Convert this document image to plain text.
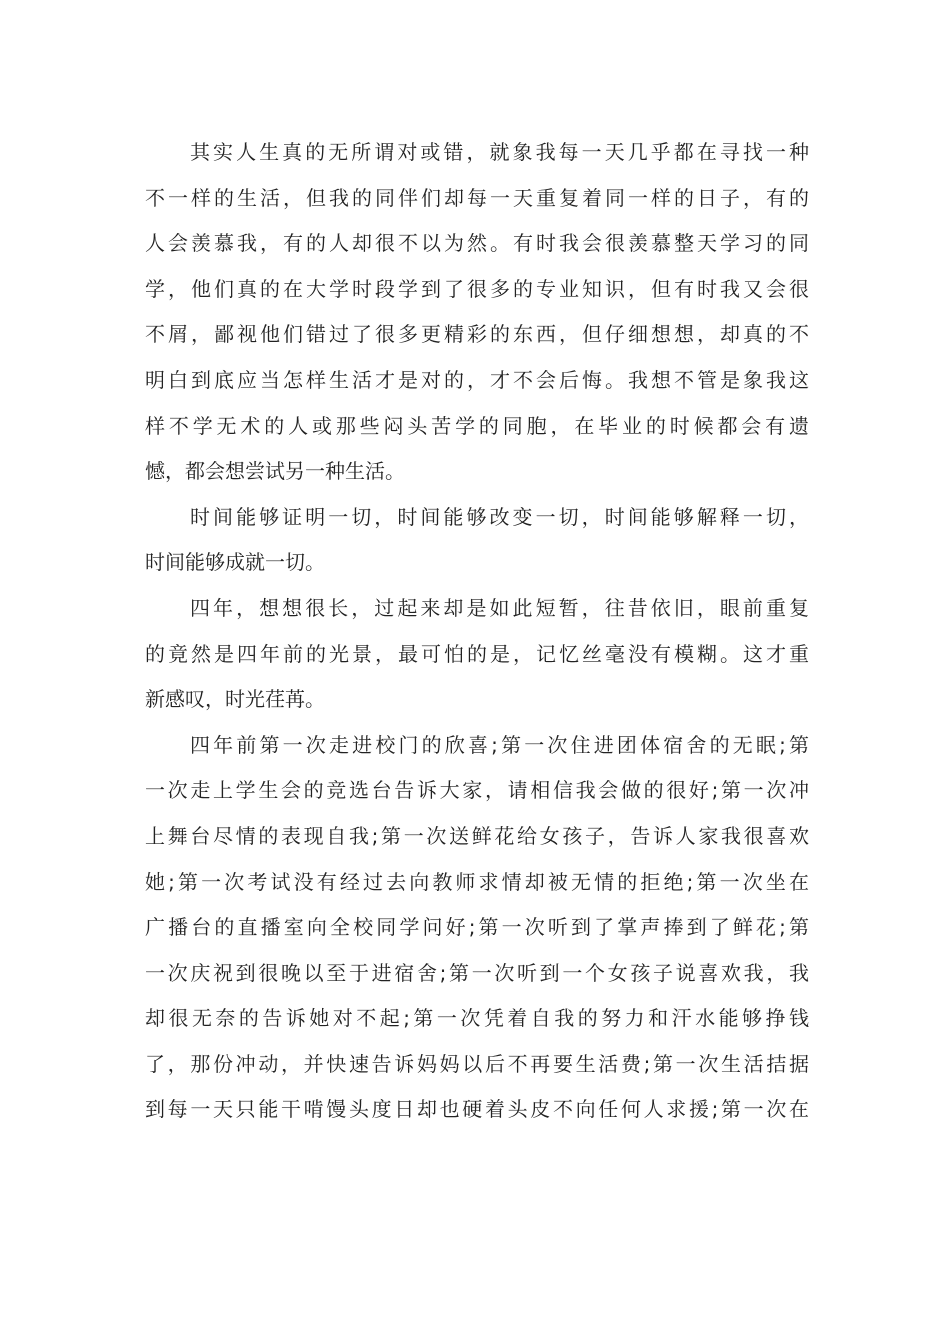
其实人生真的无所谓对或错，就象我每一天几乎都在寻找一种
不一样的生活，但我的同伴们却每一天重复着同一样的日子，有的
人会羡慕我，有的人却很不以为然。有时我会很羡慕整天学习的同
学，他们真的在大学时段学到了很多的专业知识，但有时我又会很
不屑，鄙视他们错过了很多更精彩的东西，但仔细想想，却真的不
明白到底应当怎样生活才是对的，才不会后悔。我想不管是象我这
样不学无术的人或那些闷头苦学的同胞，在毕业的时候都会有遗
憾，都会想尝试另一种生活。
时间能够证明一切，时间能够改变一切，时间能够解释一切，
时间能够成就一切。
四年，想想很长，过起来却是如此短暂，往昔依旧，眼前重复
的竟然是四年前的光景，最可怕的是，记忆丝毫没有模糊。这才重
新感叹，时光荏苒。
四年前第一次走进校门的欣喜;第一次住进团体宿舍的无眠;第
一次走上学生会的竞选台告诉大家，请相信我会做的很好;第一次冲
上舞台尽情的表现自我;第一次送鲜花给女孩子，告诉人家我很喜欢
她;第一次考试没有经过去向教师求情却被无情的拒绝;第一次坐在
广播台的直播室向全校同学问好;第一次听到了掌声捧到了鲜花;第
一次庆祝到很晚以至于进宿舍;第一次听到一个女孩子说喜欢我，我
却很无奈的告诉她对不起;第一次凭着自我的努力和汗水能够挣钱
了，那份冲动，并快速告诉妈妈以后不再要生活费;第一次生活拮据
到每一天只能干啃馒头度日却也硬着头皮不向任何人求援;第一次在
